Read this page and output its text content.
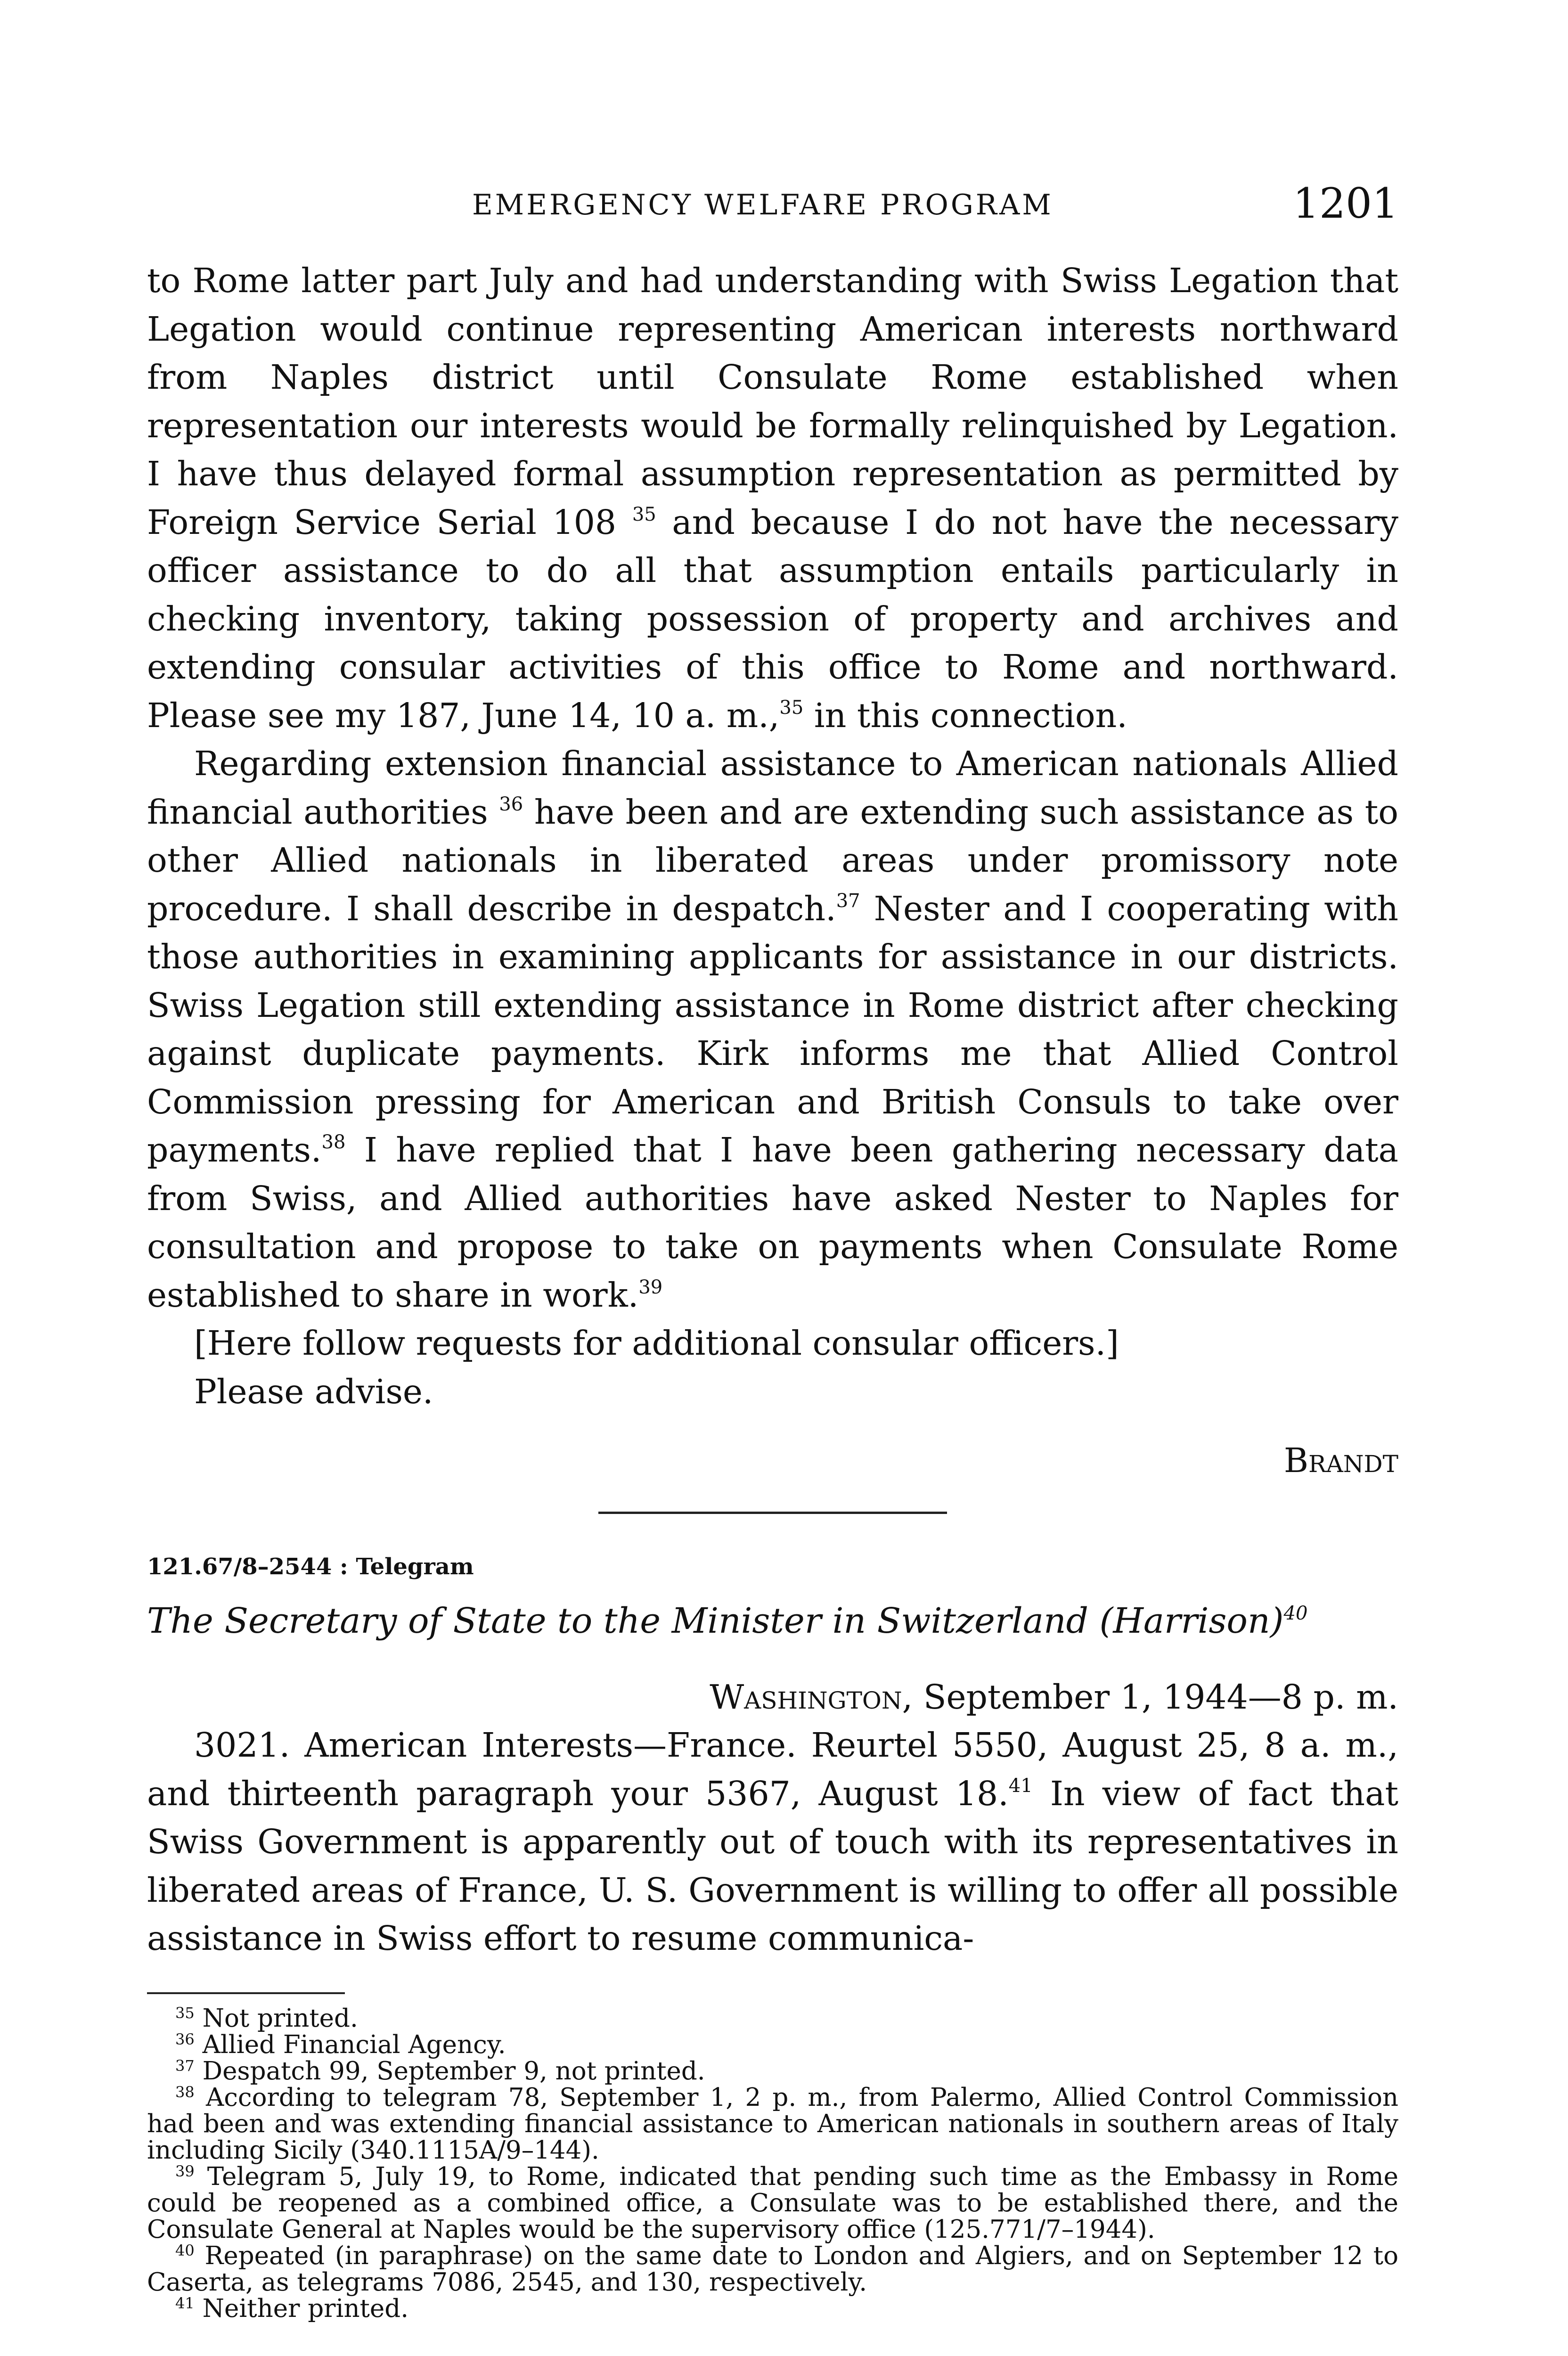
EMERGENCY WELFARE PROGRAM	1201

to Rome latter part July and had understanding with Swiss Legation that Legation would continue representing American interests northward from Naples district until Consulate Rome established when representation our interests would be formally relinquished by Legation. I have thus delayed formal assumption representation as permitted by Foreign Service Serial 108 $^{35}$ and because I do not have the necessary officer assistance to do all that assumption entails particularly in checking inventory, taking possession of property and archives and extending consular activities of this office to Rome and northward. Please see my 187, June 14, 10 a. m.,$^{35}$ in this connection.

Regarding extension financial assistance to American nationals Allied financial authorities $^{36}$ have been and are extending such assistance as to other Allied nationals in liberated areas under promissory note procedure. I shall describe in despatch.$^{37}$ Nester and I cooperating with those authorities in examining applicants for assistance in our districts. Swiss Legation still extending assistance in Rome district after checking against duplicate payments. Kirk informs me that Allied Control Commission pressing for American and British Consuls to take over payments.$^{38}$ I have replied that I have been gathering necessary data from Swiss, and Allied authorities have asked Nester to Naples for consultation and propose to take on payments when Consulate Rome established to share in work.$^{39}$

[Here follow requests for additional consular officers.]

Please advise.

Brandt

121.67/8–2544 : Telegram

The Secretary of State to the Minister in Switzerland (Harrison)$^{40}$

Washington, September 1, 1944—8 p. m.

3021. American Interests—France. Reurtel 5550, August 25, 8 a. m., and thirteenth paragraph your 5367, August 18.41 In view of fact that Swiss Government is apparently out of touch with its representatives in liberated areas of France, U. S. Government is willing to offer all possible assistance in Swiss effort to resume communica-

$^{35}$ Not printed.

$^{36}$ Allied Financial Agency.

$^{37}$ Despatch 99, September 9, not printed.

$^{38}$ According to telegram 78, September 1, 2 p. m., from Palermo, Allied Control Commission had been and was extending financial assistance to American nationals in southern areas of Italy including Sicily (340.1115A/9–144).

$^{39}$ Telegram 5, July 19, to Rome, indicated that pending such time as the Embassy in Rome could be reopened as a combined office, a Consulate was to be established there, and the Consulate General at Naples would be the supervisory office (125.771/7–1944).

$^{40}$ Repeated (in paraphrase) on the same date to London and Algiers, and on September 12 to Caserta, as telegrams 7086, 2545, and 130, respectively.

$^{41}$ Neither printed.
